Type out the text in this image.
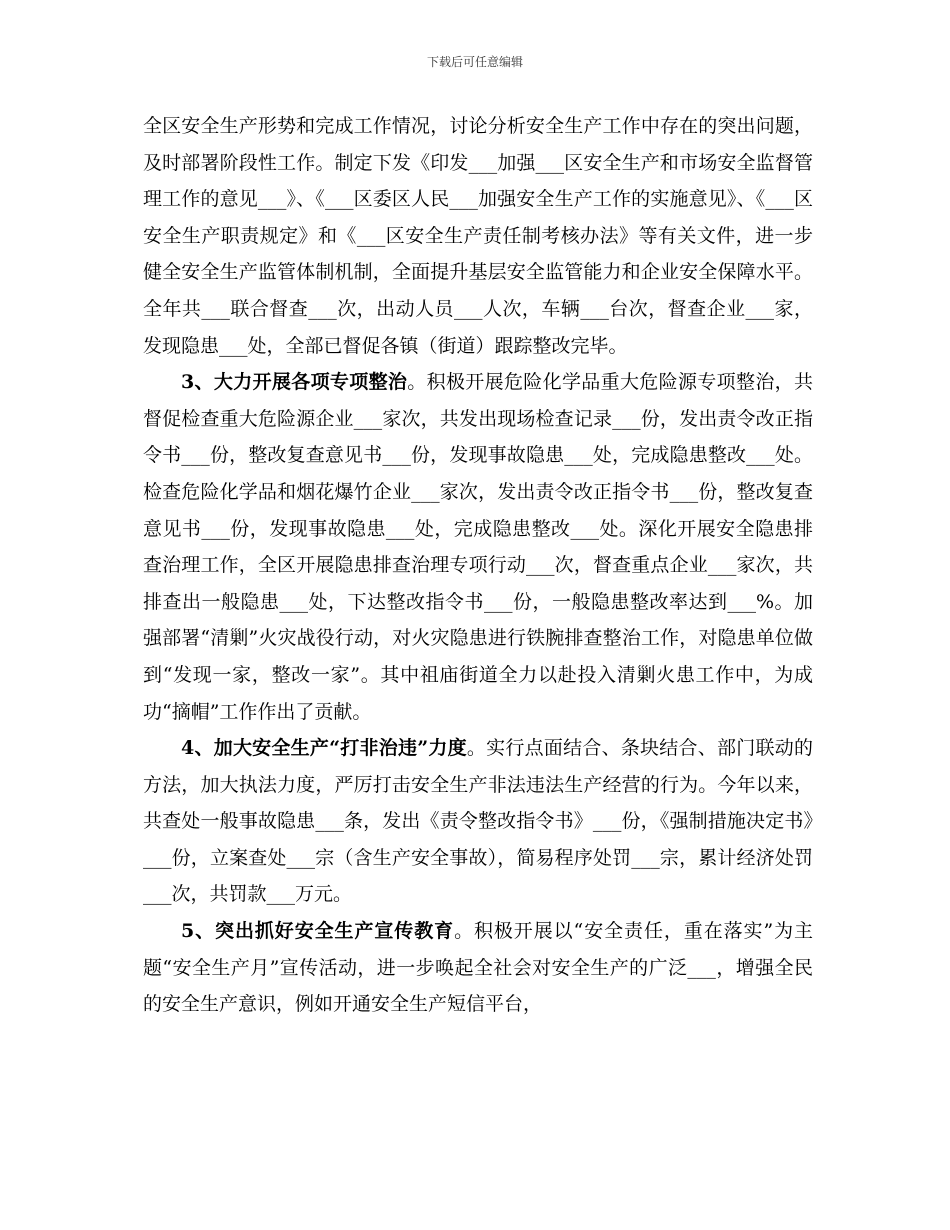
下载后可任意编辑

全区安全生产形势和完成工作情况，讨论分析安全生产工作中存在的突出问题，及时部署阶段性工作。制定下发《印发___加强___区安全生产和市场安全监督管理工作的意见___》、《___区委区人民___加强安全生产工作的实施意见》、《___区安全生产职责规定》和《___区安全生产责任制考核办法》等有关文件，进一步健全安全生产监管体制机制，全面提升基层安全监管能力和企业安全保障水平。全年共___联合督查___次，出动人员___人次，车辆___台次，督查企业___家，发现隐患___处，全部已督促各镇（街道）跟踪整改完毕。

3、大力开展各项专项整治。积极开展危险化学品重大危险源专项整治，共督促检查重大危险源企业___家次，共发出现场检查记录___份，发出责令改正指令书___份，整改复查意见书___份，发现事故隐患___处，完成隐患整改___处。检查危险化学品和烟花爆竹企业___家次，发出责令改正指令书___份，整改复查意见书___份，发现事故隐患___处，完成隐患整改___处。深化开展安全隐患排查治理工作，全区开展隐患排查治理专项行动___次，督查重点企业___家次，共排查出一般隐患___处，下达整改指令书___份，一般隐患整改率达到___%。加强部署“清剿”火灾战役行动，对火灾隐患进行铁腕排查整治工作，对隐患单位做到“发现一家，整改一家”。其中祖庙街道全力以赴投入清剿火患工作中，为成功“摘帽”工作作出了贡献。

4、加大安全生产“打非治违”力度。实行点面结合、条块结合、部门联动的方法，加大执法力度，严厉打击安全生产非法违法生产经营的行为。今年以来，共查处一般事故隐患___条，发出《责令整改指令书》___份，《强制措施决定书》___份，立案查处___宗（含生产安全事故），简易程序处罚___宗，累计经济处罚___次，共罚款___万元。

5、突出抓好安全生产宣传教育。积极开展以“安全责任，重在落实”为主题“安全生产月”宣传活动，进一步唤起全社会对安全生产的广泛___，增强全民的安全生产意识，例如开通安全生产短信平台，
